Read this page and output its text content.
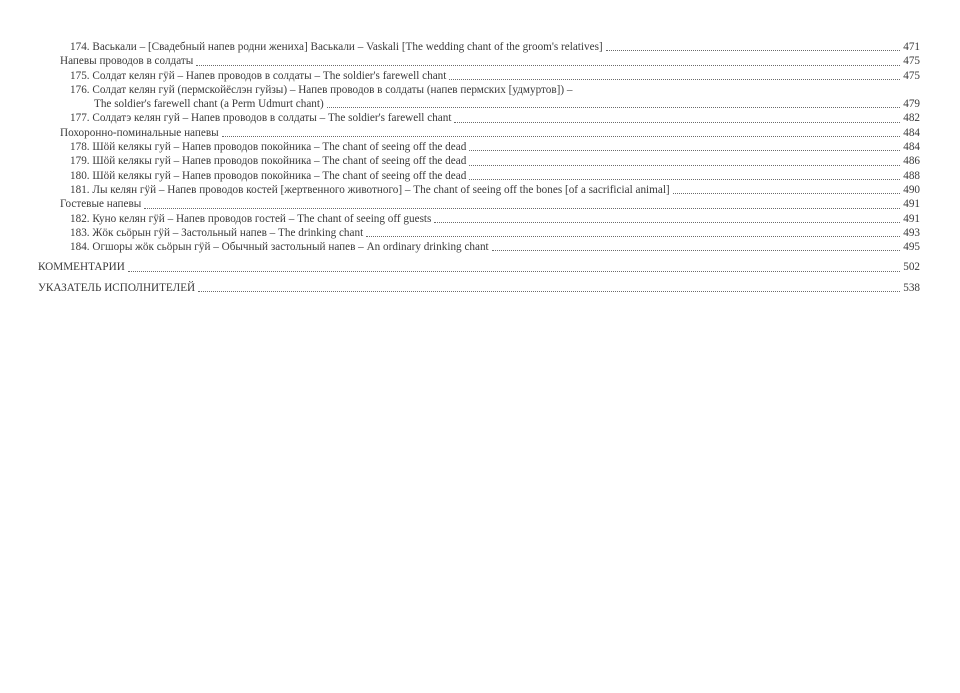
174. Васькали – [Свадебный напев родни жениха] Васькали – Vaskali [The wedding chant of the groom's relatives]	471
Напевы проводов в солдаты	475
175. Солдат келян гӱй – Напев проводов в солдаты – The soldier's farewell chant	475
176. Солдат келян гуй (пермскойёслэн гуйзы) – Напев проводов в солдаты (напев пермских [удмуртов]) –
The soldier's farewell chant (a Perm Udmurt chant)	479
177. Солдатэ келян гуй – Напев проводов в солдаты – The soldier's farewell chant	482
Похоронно-поминальные напевы	484
178. Шӧй келякы гуй – Напев проводов покойника – The chant of seeing off the dead	484
179. Шӧй келякы гуй – Напев проводов покойника – The chant of seeing off the dead	486
180. Шӧй келякы гуй – Напев проводов покойника – The chant of seeing off the dead	488
181. Лы келян гӱй – Напев проводов костей [жертвенного животного] – The chant of seeing off the bones [of a sacrificial animal]	490
Гостевые напевы	491
182. Куно келян гӱй – Напев проводов гостей – The chant of seeing off guests	491
183. Жӧк сьӧрын гӱй – Застольный напев – The drinking chant	493
184. Огшоры жӧк сьӧрын гӱй – Обычный застольный напев – An ordinary drinking chant	495
КОММЕНТАРИИ	502
УКАЗАТЕЛЬ ИСПОЛНИТЕЛЕЙ	538
